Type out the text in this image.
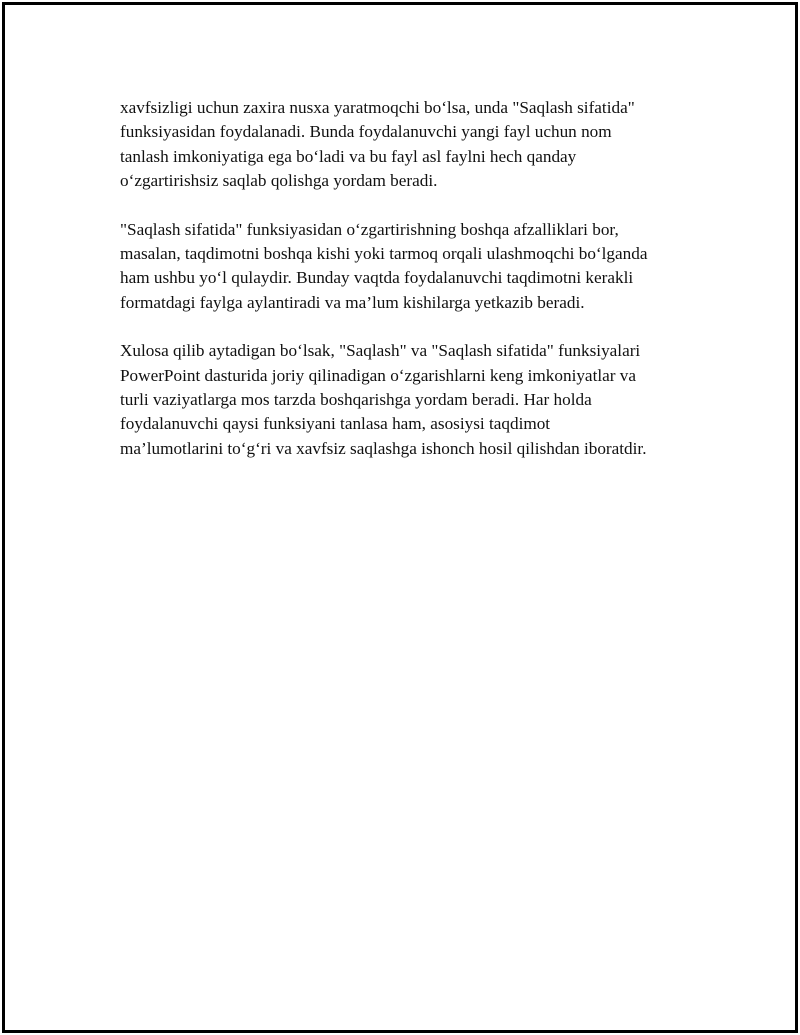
xavfsizligi uchun zaxira nusxa yaratmoqchi bo‘lsa, unda "Saqlash sifatida"
funksiyasidan foydalanadi. Bunda foydalanuvchi yangi fayl uchun nom
tanlash imkoniyatiga ega bo‘ladi va bu fayl asl faylni hech qanday
o‘zgartirishsiz saqlab qolishga yordam beradi.

"Saqlash sifatida" funksiyasidan o‘zgartirishning boshqa afzalliklari bor,
masalan, taqdimotni boshqa kishi yoki tarmoq orqali ulashmoqchi bo‘lganda
ham ushbu yo‘l qulaydir. Bunday vaqtda foydalanuvchi taqdimotni kerakli
formatdagi faylga aylantiradi va ma’lum kishilarga yetkazib beradi.

Xulosa qilib aytadigan bo‘lsak, "Saqlash" va "Saqlash sifatida" funksiyalari
PowerPoint dasturida joriy qilinadigan o‘zgarishlarni keng imkoniyatlar va
turli vaziyatlarga mos tarzda boshqarishga yordam beradi. Har holda
foydalanuvchi qaysi funksiyani tanlasa ham, asosiysi taqdimot
ma’lumotlarini to‘g‘ri va xavfsiz saqlashga ishonch hosil qilishdan iboratdir.
